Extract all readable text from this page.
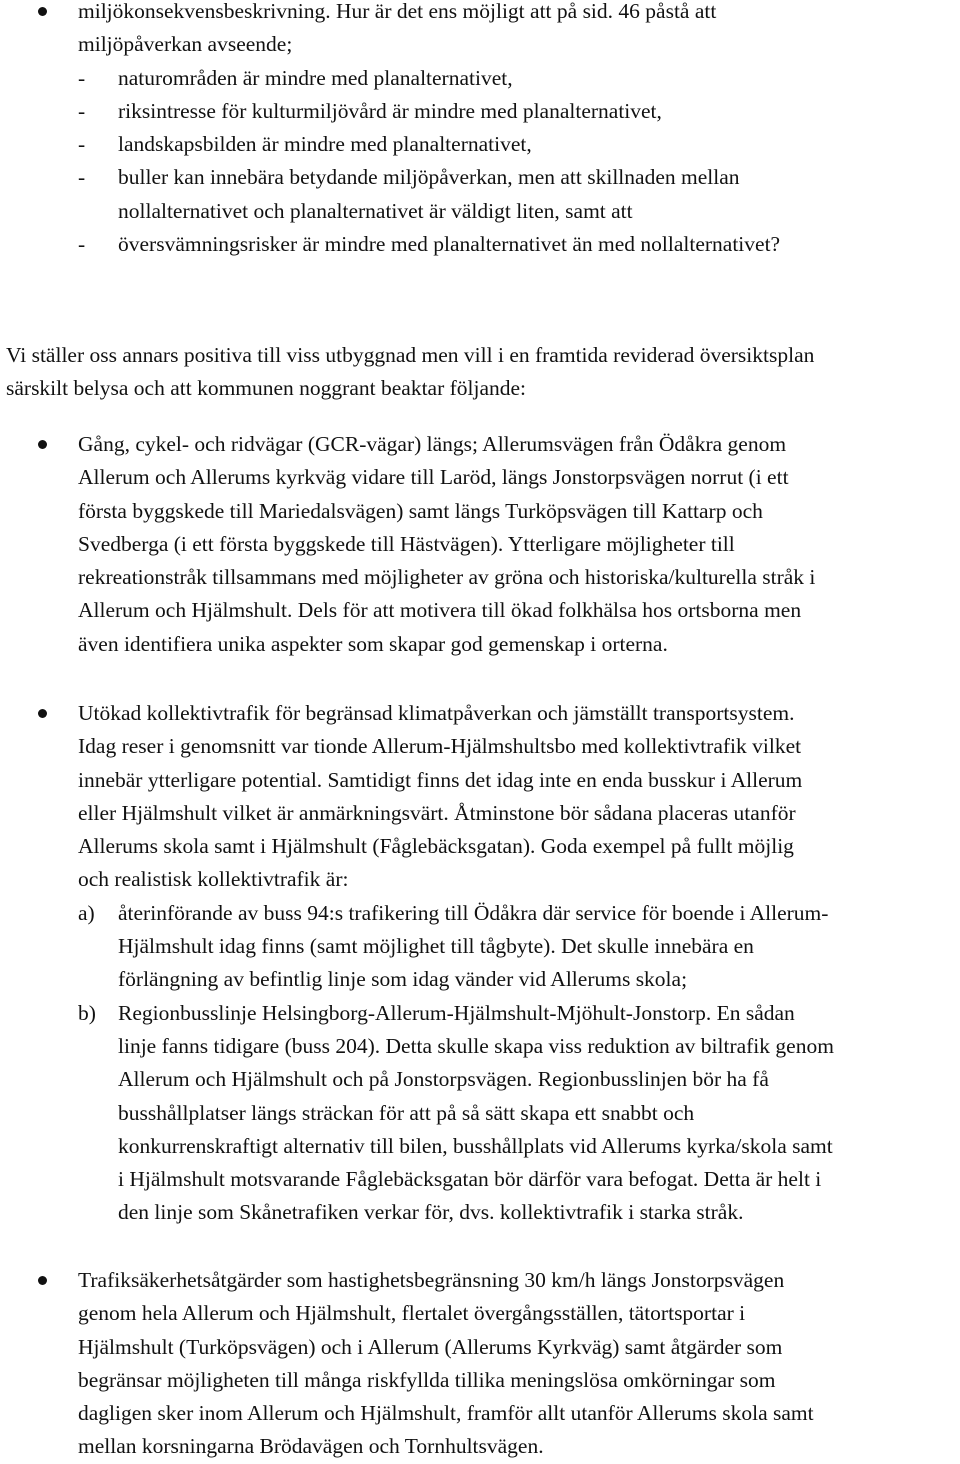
miljökonsekvensbeskrivning. Hur är det ens möjligt att på sid. 46 påstå att
miljöpåverkan avseende;
- naturområden är mindre med planalternativet,
- riksintresse för kulturmiljövård är mindre med planalternativet,
- landskapsbilden är mindre med planalternativet,
- buller kan innebära betydande miljöpåverkan, men att skillnaden mellan
nollalternativet och planalternativet är väldigt liten, samt att
- översvämningsrisker är mindre med planalternativet än med nollalternativet?
Vi ställer oss annars positiva till viss utbyggnad men vill i en framtida reviderad översiktsplan
särskilt belysa och att kommunen noggrant beaktar följande:
Gång, cykel- och ridvägar (GCR-vägar) längs; Allerumsvägen från Ödåkra genom
Allerum och Allerums kyrkväg vidare till Laröd, längs Jonstorpsvägen norrut (i ett
första byggskede till Mariedalsvägen) samt längs Turköpsvägen till Kattarp och
Svedberga (i ett första byggskede till Hästvägen). Ytterligare möjligheter till
rekreationstråk tillsammans med möjligheter av gröna och historiska/kulturella stråk i
Allerum och Hjälmshult. Dels för att motivera till ökad folkhälsa hos ortsborna men
även identifiera unika aspekter som skapar god gemenskap i orterna.
Utökad kollektivtrafik för begränsad klimatpåverkan och jämställt transportsystem.
Idag reser i genomsnitt var tionde Allerum-Hjälmshultsbo med kollektivtrafik vilket
innebär ytterligare potential. Samtidigt finns det idag inte en enda busskur i Allerum
eller Hjälmshult vilket är anmärkningsvärt. Åtminstone bör sådana placeras utanför
Allerums skola samt i Hjälmshult (Fåglebäcksgatan). Goda exempel på fullt möjlig
och realistisk kollektivtrafik är:
a) återinförande av buss 94:s trafikering till Ödåkra där service för boende i Allerum-
Hjälmshult idag finns (samt möjlighet till tågbyte). Det skulle innebära en
förlängning av befintlig linje som idag vänder vid Allerums skola;
b) Regionbusslinje Helsingborg-Allerum-Hjälmshult-Mjöhult-Jonstorp. En sådan
linje fanns tidigare (buss 204). Detta skulle skapa viss reduktion av biltrafik genom
Allerum och Hjälmshult och på Jonstorpsvägen. Regionbusslinjen bör ha få
busshållplatser längs sträckan för att på så sätt skapa ett snabbt och
konkurrenskraftigt alternativ till bilen, busshållplats vid Allerums kyrka/skola samt
i Hjälmshult motsvarande Fåglebäcksgatan bör därför vara befogat. Detta är helt i
den linje som Skånetrafiken verkar för, dvs. kollektivtrafik i starka stråk.
Trafiksäkerhetsåtgärder som hastighetsbegränsning 30 km/h längs Jonstorpsvägen
genom hela Allerum och Hjälmshult, flertalet övergångsställen, tätortsportar i
Hjälmshult (Turköpsvägen) och i Allerum (Allerums Kyrkväg) samt åtgärder som
begränsar möjligheten till många riskfyllda tillika meningslösa omkörningar som
dagligen sker inom Allerum och Hjälmshult, framför allt utanför Allerums skola samt
mellan korsningarna Brödavägen och Tornhultsvägen.
